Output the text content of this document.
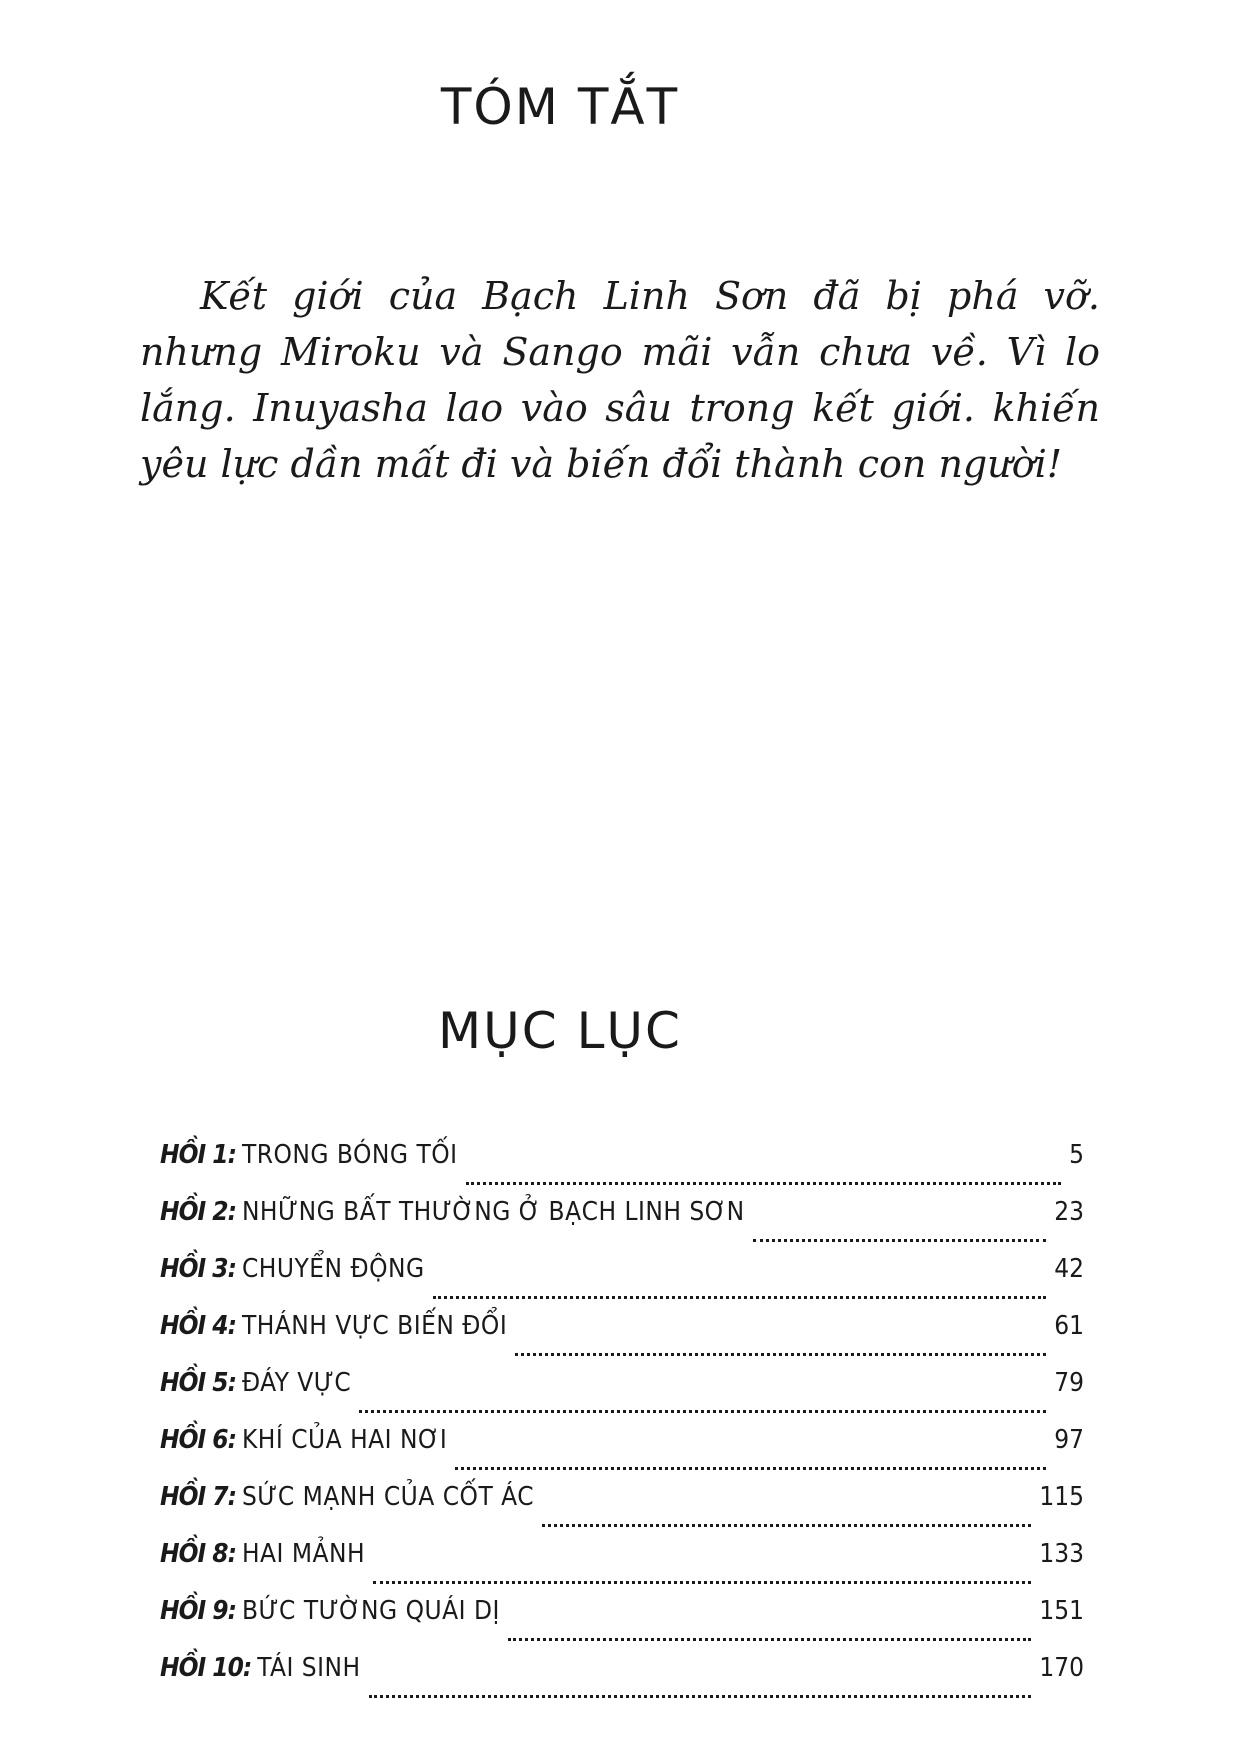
TÓM TẮT
Kết giới của Bạch Linh Sơn đã bị phá vỡ. nhưng Miroku và Sango mãi vẫn chưa về. Vì lo lắng. Inuyasha lao vào sâu trong kết giới. khiến yêu lực dần mất đi và biến đổi thành con người!
MỤC LỤC
HỒI 1: TRONG BÓNG TỐI	5
HỒI 2: NHỮNG BẤT THƯỜNG Ở BẠCH LINH SƠN	23
HỒI 3: CHUYỂN ĐỘNG	42
HỒI 4: THÁNH VỰC BIẾN ĐỔI	61
HỒI 5: ĐÁY VỰC	79
HỒI 6: KHÍ CỦA HAI NƠI	97
HỒI 7: SỨC MẠNH CỦA CỐT ÁC	115
HỒI 8: HAI MẢNH	133
HỒI 9: BỨC TƯỜNG QUÁI DỊ	151
HỒI 10: TÁI SINH	170
